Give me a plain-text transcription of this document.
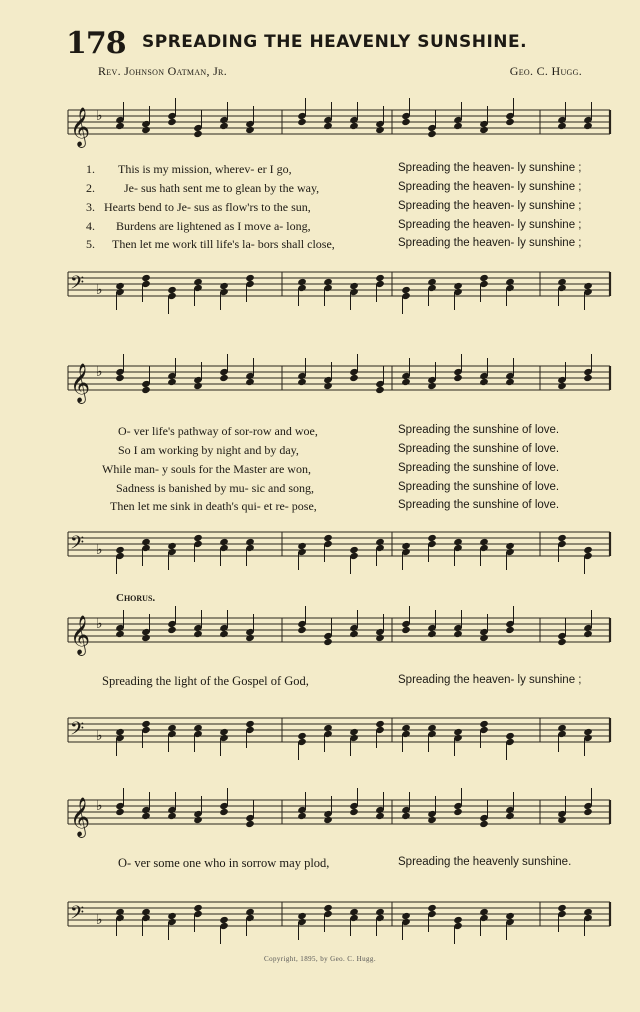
178 SPREADING THE HEAVENLY SUNSHINE.
Rev. Johnson Oatman, Jr.	Geo. C. Hugg.
𝄞 ♭
1. This is my mission, wherev- er I go,	Spreading the heaven- ly sunshine ;
2. Je- sus hath sent me to glean by the way,	Spreading the heaven- ly sunshine ;
3. Hearts bend to Je- sus as flow'rs to the sun,	Spreading the heaven- ly sunshine ;
4. Burdens are lightened as I move a- long,	Spreading the heaven- ly sunshine ;
5. Then let me work till life's la- bors shall close,	Spreading the heaven- ly sunshine ;
𝄢 ♭
𝄞 ♭
O- ver life's pathway of sor-row and woe,	Spreading the sunshine of love.
So I am working by night and by day,	Spreading the sunshine of love.
While man- y souls for the Master are won,	Spreading the sunshine of love.
Sadness is banished by mu- sic and song,	Spreading the sunshine of love.
Then let me sink in death's qui- et re- pose,	Spreading the sunshine of love.
𝄢 ♭
Chorus.
𝄞 ♭
Spreading the light of the Gospel of God,	Spreading the heaven- ly sunshine ;
𝄢 ♭
𝄞 ♭
O- ver some one who in sorrow may plod,	Spreading the heavenly sunshine.
𝄢 ♭
Copyright, 1895, by Geo. C. Hugg.
